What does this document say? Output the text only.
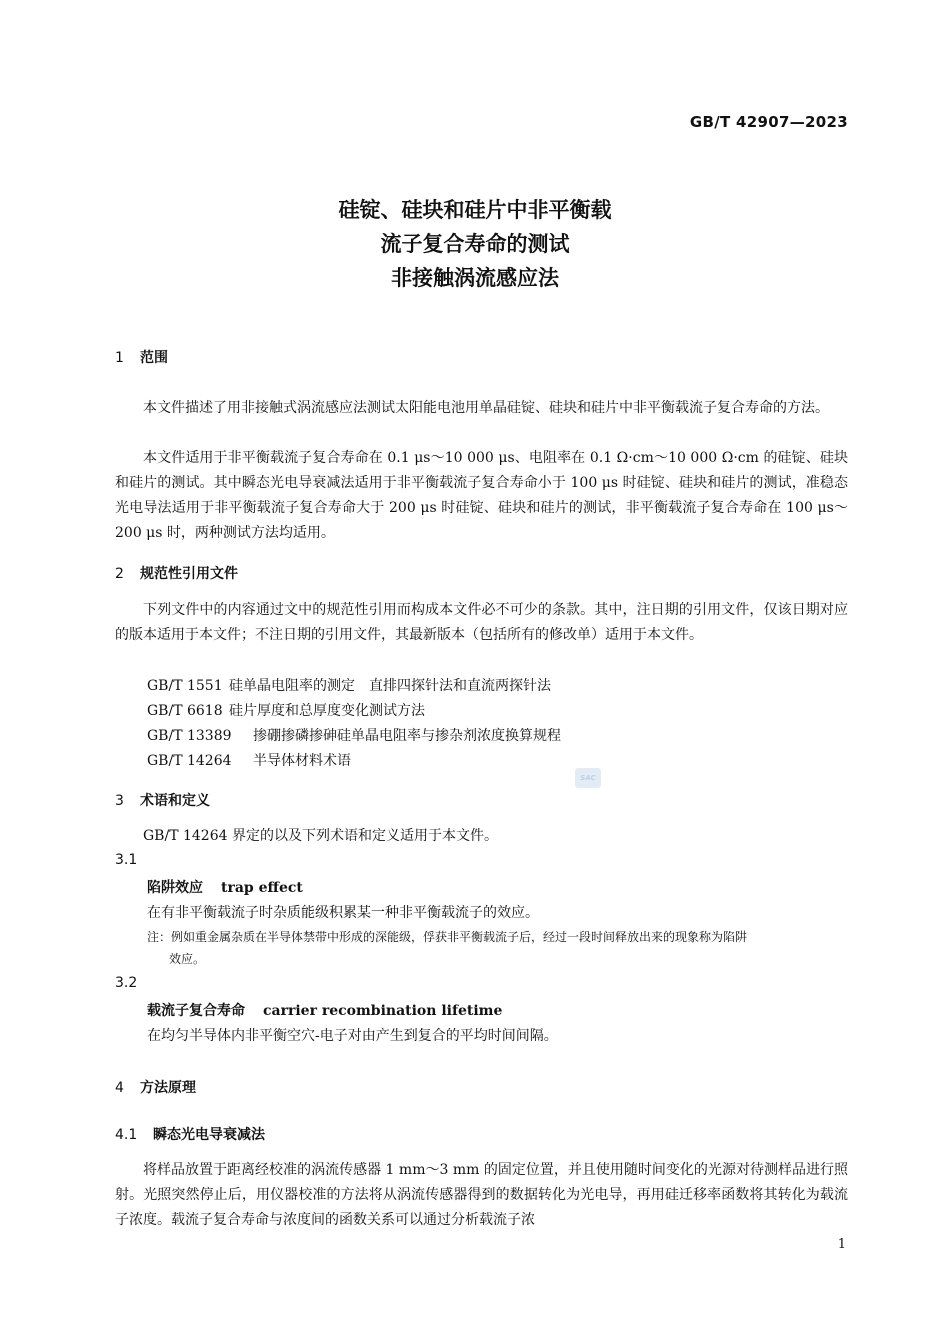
GB/T 42907—2023
硅锭、硅块和硅片中非平衡载
流子复合寿命的测试
非接触涡流感应法
1 范围
本文件描述了用非接触式涡流感应法测试太阳能电池用单晶硅锭、硅块和硅片中非平衡载流子复合寿命的方法。
本文件适用于非平衡载流子复合寿命在 0.1 μs～10 000 μs、电阻率在 0.1 Ω·cm～10 000 Ω·cm 的硅锭、硅块和硅片的测试。其中瞬态光电导衰减法适用于非平衡载流子复合寿命小于 100 μs 时硅锭、硅块和硅片的测试，准稳态光电导法适用于非平衡载流子复合寿命大于 200 μs 时硅锭、硅块和硅片的测试，非平衡载流子复合寿命在 100 μs～200 μs 时，两种测试方法均适用。
2 规范性引用文件
下列文件中的内容通过文中的规范性引用而构成本文件必不可少的条款。其中，注日期的引用文件，仅该日期对应的版本适用于本文件；不注日期的引用文件，其最新版本（包括所有的修改单）适用于本文件。
GB/T 1551 硅单晶电阻率的测定　直排四探针法和直流两探针法
GB/T 6618 硅片厚度和总厚度变化测试方法
GB/T 13389 掺硼掺磷掺砷硅单晶电阻率与掺杂剂浓度换算规程
GB/T 14264 半导体材料术语
SAC
3 术语和定义
GB/T 14264 界定的以及下列术语和定义适用于本文件。
3.1
陷阱效应 trap effect
在有非平衡载流子时杂质能级积累某一种非平衡载流子的效应。
注：例如重金属杂质在半导体禁带中形成的深能级，俘获非平衡载流子后，经过一段时间释放出来的现象称为陷阱
效应。
3.2
载流子复合寿命 carrier recombination lifetime
在均匀半导体内非平衡空穴-电子对由产生到复合的平均时间间隔。
4 方法原理
4.1 瞬态光电导衰减法
将样品放置于距离经校准的涡流传感器 1 mm～3 mm 的固定位置，并且使用随时间变化的光源对待测样品进行照射。光照突然停止后，用仪器校准的方法将从涡流传感器得到的数据转化为光电导，再用硅迁移率函数将其转化为载流子浓度。载流子复合寿命与浓度间的函数关系可以通过分析载流子浓
1
